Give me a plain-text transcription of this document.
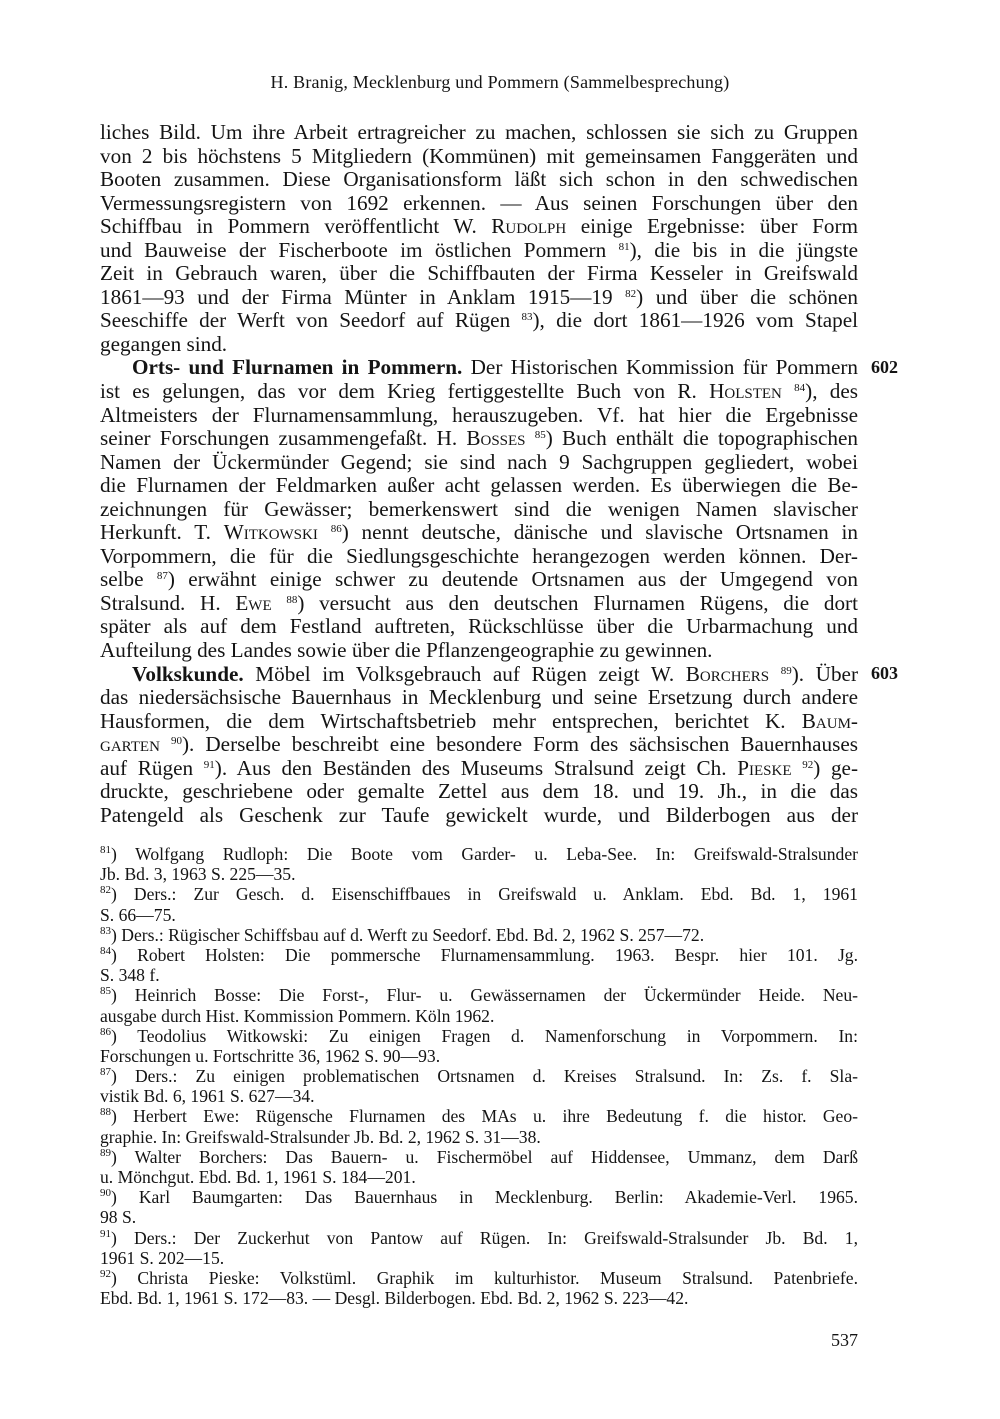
H. Branig, Mecklenburg und Pommern (Sammelbesprechung)
liches Bild. Um ihre Arbeit ertragreicher zu machen, schlossen sie sich zu Gruppen
von 2 bis höchstens 5 Mitgliedern (Kommünen) mit gemeinsamen Fanggeräten und
Booten zusammen. Diese Organisationsform läßt sich schon in den schwedischen
Vermessungsregistern von 1692 erkennen. — Aus seinen Forschungen über den
Schiffbau in Pommern veröffentlicht W. Rudolph einige Ergebnisse: über Form
und Bauweise der Fischerboote im östlichen Pommern $^{81}$), die bis in die jüngste
Zeit in Gebrauch waren, über die Schiffbauten der Firma Kesseler in Greifswald
1861—93 und der Firma Münter in Anklam 1915—19 $^{82}$) und über die schönen
Seeschiffe der Werft von Seedorf auf Rügen $^{83}$), die dort 1861—1926 vom Stapel
gegangen sind.
Orts- und Flurnamen in Pommern. Der Historischen Kommission für Pommern
ist es gelungen, das vor dem Krieg fertiggestellte Buch von R. Holsten $^{84}$), des
Altmeisters der Flurnamensammlung, herauszugeben. Vf. hat hier die Ergebnisse
seiner Forschungen zusammengefaßt. H. Bosses $^{85}$) Buch enthält die topographischen
Namen der Ückermünder Gegend; sie sind nach 9 Sachgruppen gegliedert, wobei
die Flurnamen der Feldmarken außer acht gelassen werden. Es überwiegen die Be-
zeichnungen für Gewässer; bemerkenswert sind die wenigen Namen slavischer
Herkunft. T. Witkowski $^{86}$) nennt deutsche, dänische und slavische Ortsnamen in
Vorpommern, die für die Siedlungsgeschichte herangezogen werden können. Der-
selbe $^{87}$) erwähnt einige schwer zu deutende Ortsnamen aus der Umgegend von
Stralsund. H. Ewe $^{88}$) versucht aus den deutschen Flurnamen Rügens, die dort
später als auf dem Festland auftreten, Rückschlüsse über die Urbarmachung und
Aufteilung des Landes sowie über die Pflanzengeographie zu gewinnen.
Volkskunde. Möbel im Volksgebrauch auf Rügen zeigt W. Borchers $^{89}$). Über
das niedersächsische Bauernhaus in Mecklenburg und seine Ersetzung durch andere
Hausformen, die dem Wirtschaftsbetrieb mehr entsprechen, berichtet K. Baum-
garten $^{90}$). Derselbe beschreibt eine besondere Form des sächsischen Bauernhauses
auf Rügen $^{91}$). Aus den Beständen des Museums Stralsund zeigt Ch. Pieske $^{92}$) ge-
druckte, geschriebene oder gemalte Zettel aus dem 18. und 19. Jh., in die das
Patengeld als Geschenk zur Taufe gewickelt wurde, und Bilderbogen aus der
602
603
$^{81}$) Wolfgang Rudloph: Die Boote vom Garder- u. Leba-See. In: Greifswald-Stralsunder
Jb. Bd. 3, 1963 S. 225—35.
$^{82}$) Ders.: Zur Gesch. d. Eisenschiffbaues in Greifswald u. Anklam. Ebd. Bd. 1, 1961
S. 66—75.
$^{83}$) Ders.: Rügischer Schiffsbau auf d. Werft zu Seedorf. Ebd. Bd. 2, 1962 S. 257—72.
$^{84}$) Robert Holsten: Die pommersche Flurnamensammlung. 1963. Bespr. hier 101. Jg.
S. 348 f.
$^{85}$) Heinrich Bosse: Die Forst-, Flur- u. Gewässernamen der Ückermünder Heide. Neu-
ausgabe durch Hist. Kommission Pommern. Köln 1962.
$^{86}$) Teodolius Witkowski: Zu einigen Fragen d. Namenforschung in Vorpommern. In:
Forschungen u. Fortschritte 36, 1962 S. 90—93.
$^{87}$) Ders.: Zu einigen problematischen Ortsnamen d. Kreises Stralsund. In: Zs. f. Sla-
vistik Bd. 6, 1961 S. 627—34.
$^{88}$) Herbert Ewe: Rügensche Flurnamen des MAs u. ihre Bedeutung f. die histor. Geo-
graphie. In: Greifswald-Stralsunder Jb. Bd. 2, 1962 S. 31—38.
$^{89}$) Walter Borchers: Das Bauern- u. Fischermöbel auf Hiddensee, Ummanz, dem Darß
u. Mönchgut. Ebd. Bd. 1, 1961 S. 184—201.
$^{90}$) Karl Baumgarten: Das Bauernhaus in Mecklenburg. Berlin: Akademie-Verl. 1965.
98 S.
$^{91}$) Ders.: Der Zuckerhut von Pantow auf Rügen. In: Greifswald-Stralsunder Jb. Bd. 1,
1961 S. 202—15.
$^{92}$) Christa Pieske: Volkstüml. Graphik im kulturhistor. Museum Stralsund. Patenbriefe.
Ebd. Bd. 1, 1961 S. 172—83. — Desgl. Bilderbogen. Ebd. Bd. 2, 1962 S. 223—42.
537
